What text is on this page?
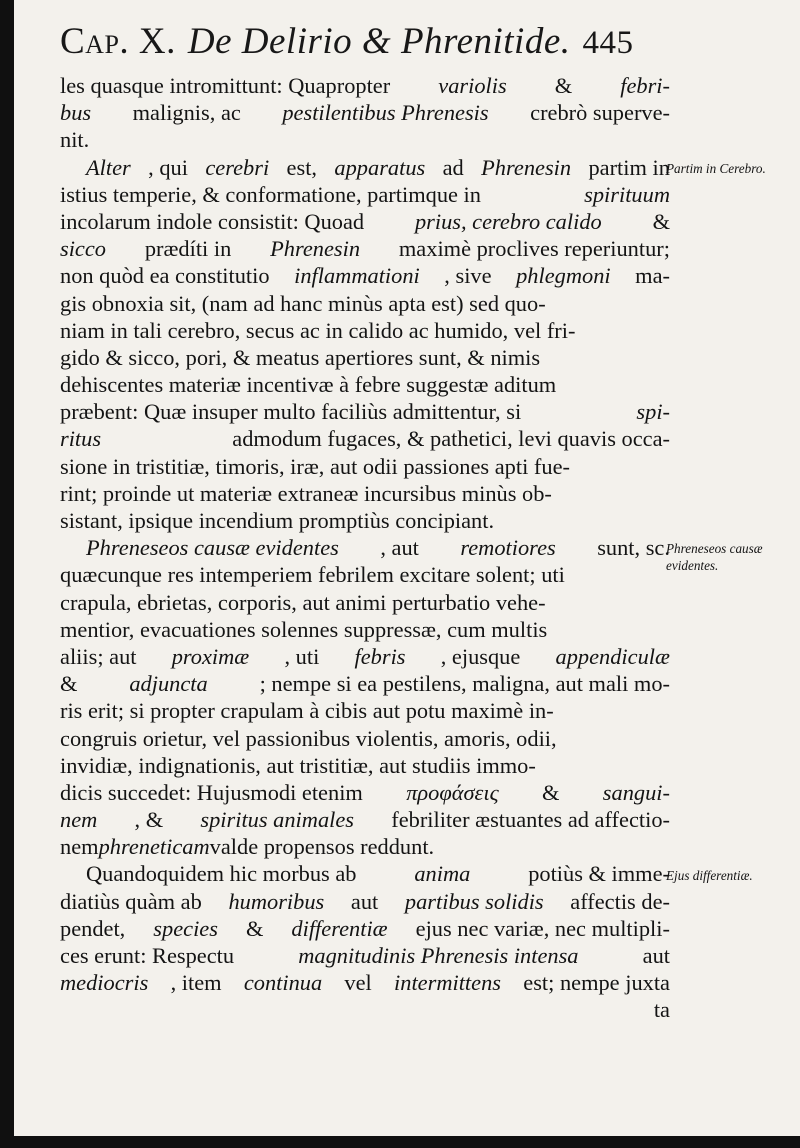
Cap. X. De Delirio & Phrenitide. 445
les quasque intromittunt: Quapropter variolis & febri-
bus malignis, ac pestilentibus Phrenesis crebrò superve-
nit.
Alter , qui cerebri est, apparatus ad Phrenesin partim in
istius temperie, & conformatione, partimque in	spirituum
incolarum indole consistit: Quoad prius, cerebro calido &
sicco prædíti in Phrenesin maximè proclives reperiuntur;
non quòd ea constitutio inflammationi , sive phlegmoni ma-
gis obnoxia sit, (nam ad hanc minùs apta est) sed quo-
niam in tali cerebro, secus ac in calido ac humido, vel fri-
gido & sicco, pori, & meatus apertiores sunt, & nimis
dehiscentes materiæ incentivæ à febre suggestæ aditum
præbent: Quæ insuper multo faciliùs admittentur, si	spi-
ritus	admodum fugaces, & pathetici, levi quavis occa-
sione in tristitiæ, timoris, iræ, aut odii passiones apti fue-
rint; proinde ut materiæ extraneæ incursibus minùs ob-
sistant, ipsique incendium promptiùs concipiant.
Phreneseos causæ evidentes , aut remotiores sunt, sc.
quæcunque res intemperiem febrilem excitare solent; uti
crapula, ebrietas, corporis, aut animi perturbatio vehe-
mentior, evacuationes solennes suppressæ, cum multis
aliis; aut proximæ , uti febris , ejusque appendiculæ
& adjuncta ; nempe si ea pestilens, maligna, aut mali mo-
ris erit; si propter crapulam à cibis aut potu maximè in-
congruis orietur, vel passionibus violentis, amoris, odii,
invidiæ, indignationis, aut tristitiæ, aut studiis immo-
dicis succedet: Hujusmodi etenim προφάσεις & sangui-
nem , & spiritus animales febriliter æstuantes ad affectio-
nem phreneticam valde propensos reddunt.
Quandoquidem hic morbus ab	anima	potiùs & imme-
diatiùs quàm ab humoribus aut partibus solidis affectis de-
pendet, species & differentiæ ejus nec variæ, nec multipli-
ces erunt: Respectu	magnitudinis Phrenesis intensa	aut
mediocris , item continua vel intermittens est; nempe juxta
ta
Partim in Cerebro.
Phreneseos causæ evidentes.
Ejus differentiæ.
